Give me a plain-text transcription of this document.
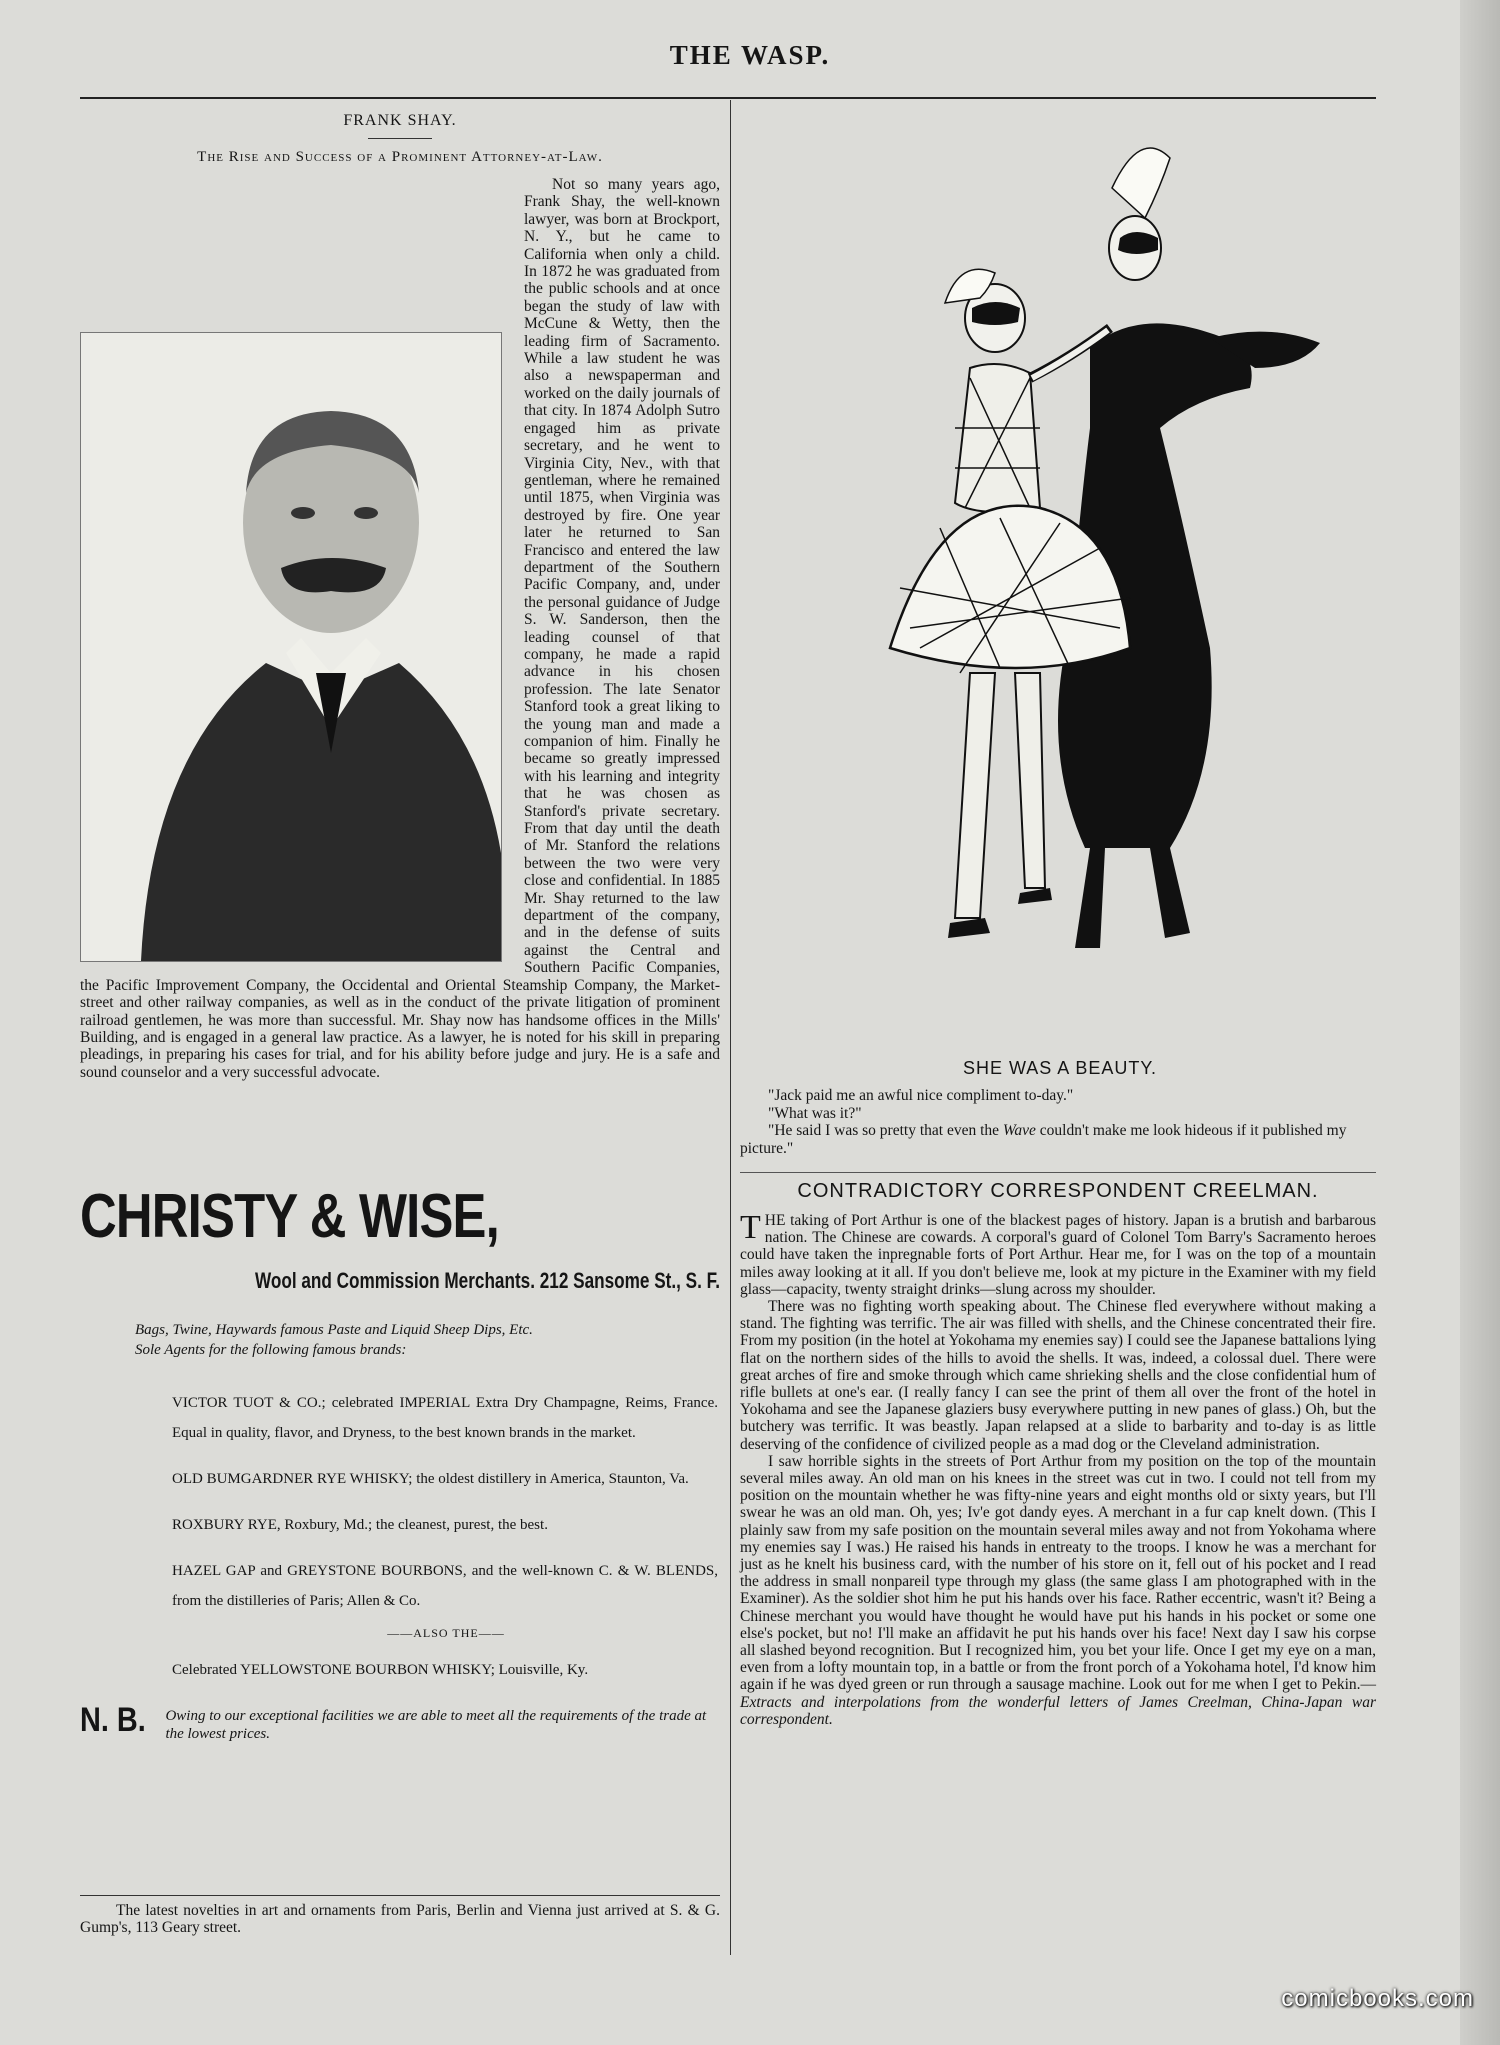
THE WASP.
FRANK SHAY.
The Rise and Success of a Prominent Attorney-at-Law.

Not so many years ago, Frank Shay, the well-known lawyer, was born at Brockport, N. Y., but he came to California when only a child. In 1872 he was graduated from the public schools and at once began the study of law with McCune & Wetty, then the leading firm of Sacramento. While a law student he was also a newspaperman and worked on the daily journals of that city. In 1874 Adolph Sutro engaged him as private secretary, and he went to Virginia City, Nev., with that gentleman, where he remained until 1875, when Virginia was destroyed by fire. One year later he returned to San Francisco and entered the law department of the Southern Pacific Company, and, under the personal guidance of Judge S. W. Sanderson, then the leading counsel of that company, he made a rapid advance in his chosen profession. The late Senator Stanford took a great liking to the young man and made a companion of him. Finally he became so greatly impressed with his learning and integrity that he was chosen as Stanford's private secretary. From that day until the death of Mr. Stanford the relations between the two were very close and confidential. In 1885 Mr. Shay returned to the law department of the company, and in the defense of suits against the Central and Southern Pacific Companies, the Pacific Improvement Company, the Occidental and Oriental Steamship Company, the Market-street and other railway companies, as well as in the conduct of the private litigation of prominent railroad gentlemen, he was more than successful. Mr. Shay now has handsome offices in the Mills' Building, and is engaged in a general law practice. As a lawyer, he is noted for his skill in preparing pleadings, in preparing his cases for trial, and for his ability before judge and jury. He is a safe and sound counselor and a very successful advocate.

CHRISTY & WISE,
Wool and Commission Merchants. 212 Sansome St., S. F.
Bags, Twine, Haywards famous Paste and Liquid Sheep Dips, Etc.
Sole Agents for the following famous brands:

VICTOR TUOT & CO.; celebrated IMPERIAL Extra Dry Champagne, Reims, France. Equal in quality, flavor, and Dryness, to the best known brands in the market.

OLD BUMGARDNER RYE WHISKY; the oldest distillery in America, Staunton, Va.

ROXBURY RYE, Roxbury, Md.; the cleanest, purest, the best.

HAZEL GAP and GREYSTONE BOURBONS, and the well-known C. & W. BLENDS, from the distilleries of Paris; Allen & Co.

——ALSO THE——

Celebrated YELLOWSTONE BOURBON WHISKY; Louisville, Ky.

N. B.	Owing to our exceptional facilities we are able to meet all the requirements of the trade at the lowest prices.
The latest novelties in art and ornaments from Paris, Berlin and Vienna just arrived at S. & G. Gump's, 113 Geary street.
SHE WAS A BEAUTY.

"Jack paid me an awful nice compliment to-day."

"What was it?"

"He said I was so pretty that even the Wave couldn't make me look hideous if it published my picture."

CONTRADICTORY CORRESPONDENT CREELMAN.

THE taking of Port Arthur is one of the blackest pages of history. Japan is a brutish and barbarous nation. The Chinese are cowards. A corporal's guard of Colonel Tom Barry's Sacramento heroes could have taken the inpregnable forts of Port Arthur. Hear me, for I was on the top of a mountain miles away looking at it all. If you don't believe me, look at my picture in the Examiner with my field glass—capacity, twenty straight drinks—slung across my shoulder.

There was no fighting worth speaking about. The Chinese fled everywhere without making a stand. The fighting was terrific. The air was filled with shells, and the Chinese concentrated their fire. From my position (in the hotel at Yokohama my enemies say) I could see the Japanese battalions lying flat on the northern sides of the hills to avoid the shells. It was, indeed, a colossal duel. There were great arches of fire and smoke through which came shrieking shells and the close confidential hum of rifle bullets at one's ear. (I really fancy I can see the print of them all over the front of the hotel in Yokohama and see the Japanese glaziers busy everywhere putting in new panes of glass.) Oh, but the butchery was terrific. It was beastly. Japan relapsed at a slide to barbarity and to-day is as little deserving of the confidence of civilized people as a mad dog or the Cleveland administration.

I saw horrible sights in the streets of Port Arthur from my position on the top of the mountain several miles away. An old man on his knees in the street was cut in two. I could not tell from my position on the mountain whether he was fifty-nine years and eight months old or sixty years, but I'll swear he was an old man. Oh, yes; Iv'e got dandy eyes. A merchant in a fur cap knelt down. (This I plainly saw from my safe position on the mountain several miles away and not from Yokohama where my enemies say I was.) He raised his hands in entreaty to the troops. I know he was a merchant for just as he knelt his business card, with the number of his store on it, fell out of his pocket and I read the address in small nonpareil type through my glass (the same glass I am photographed with in the Examiner). As the soldier shot him he put his hands over his face. Rather eccentric, wasn't it? Being a Chinese merchant you would have thought he would have put his hands in his pocket or some one else's pocket, but no! I'll make an affidavit he put his hands over his face! Next day I saw his corpse all slashed beyond recognition. But I recognized him, you bet your life. Once I get my eye on a man, even from a lofty mountain top, in a battle or from the front porch of a Yokohama hotel, I'd know him again if he was dyed green or run through a sausage machine. Look out for me when I get to Pekin.—Extracts and interpolations from the wonderful letters of James Creelman, China-Japan war correspondent.

comicbooks.com
